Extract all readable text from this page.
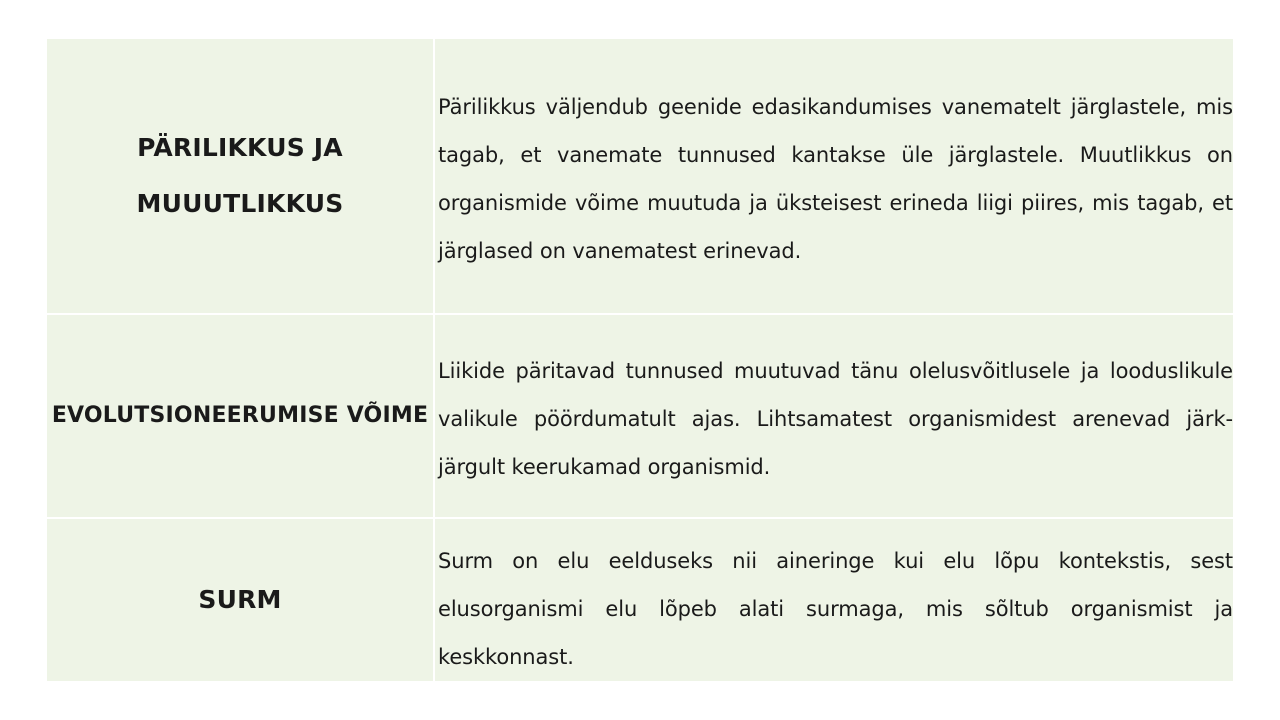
PÄRILIKKUS JA MUUUTLIKKUS

Pärilikkus väljendub geenide edasikandumises vanematelt järglastele, mis tagab, et vanemate tunnused kantakse üle järglastele. Muutlikkus on organismide võime muutuda ja üksteisest erineda liigi piires, mis tagab, et järglased on vanematest erinevad.

EVOLUTSIONEERUMISE VÕIME

Liikide päritavad tunnused muutuvad tänu olelusvõitlusele ja looduslikule valikule pöördumatult ajas. Lihtsamatest organismidest arenevad järk-järgult keerukamad organismid.

SURM

Surm on elu eelduseks nii aineringe kui elu lõpu kontekstis, sest elusorganismi elu lõpeb alati surmaga, mis sõltub organismist ja keskkonnast.
